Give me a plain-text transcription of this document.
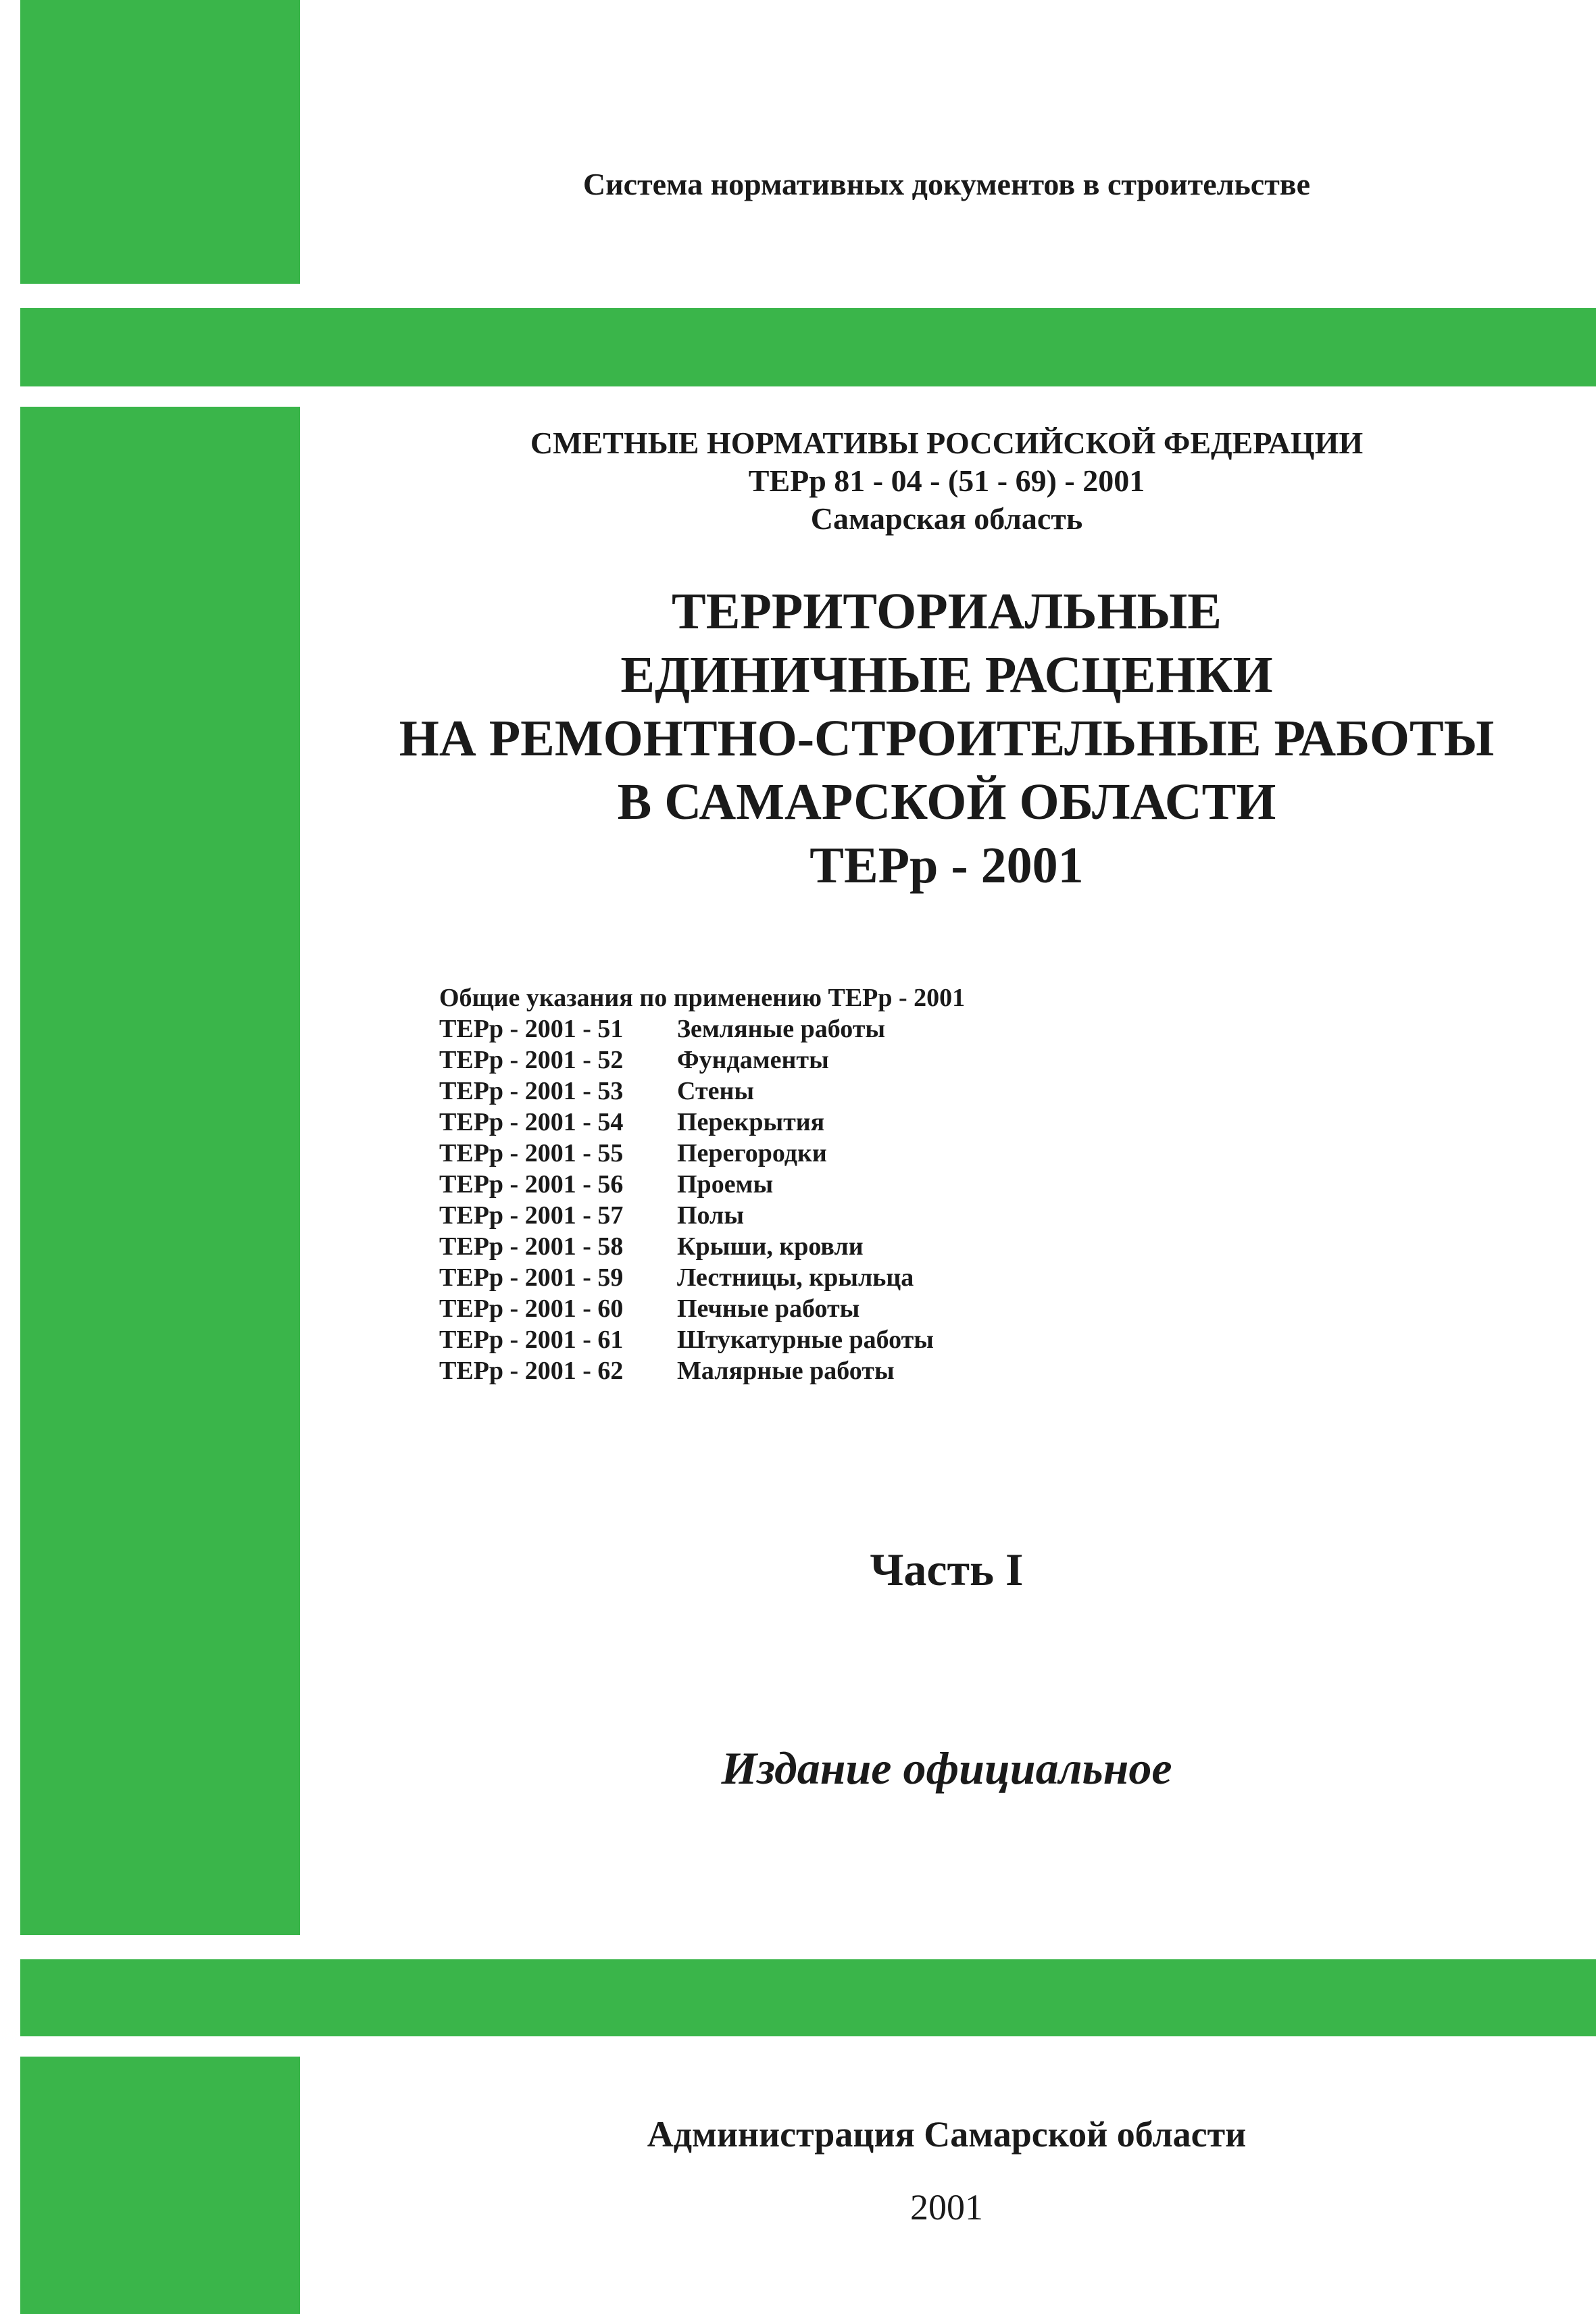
Система нормативных документов в строительстве
СМЕТНЫЕ НОРМАТИВЫ РОССИЙСКОЙ ФЕДЕРАЦИИ
ТЕРр 81 - 04 - (51 - 69) - 2001
Самарская область
ТЕРРИТОРИАЛЬНЫЕ
ЕДИНИЧНЫЕ РАСЦЕНКИ
НА РЕМОНТНО-СТРОИТЕЛЬНЫЕ РАБОТЫ
В САМАРСКОЙ ОБЛАСТИ
ТЕРр - 2001
Общие указания по применению ТЕРр - 2001
ТЕРр - 2001 - 51 Земляные работы
ТЕРр - 2001 - 52 Фундаменты
ТЕРр - 2001 - 53 Стены
ТЕРр - 2001 - 54 Перекрытия
ТЕРр - 2001 - 55 Перегородки
ТЕРр - 2001 - 56 Проемы
ТЕРр - 2001 - 57 Полы
ТЕРр - 2001 - 58 Крыши, кровли
ТЕРр - 2001 - 59 Лестницы, крыльца
ТЕРр - 2001 - 60 Печные работы
ТЕРр - 2001 - 61 Штукатурные работы
ТЕРр - 2001 - 62 Малярные работы
Часть I
Издание официальное
Администрация Самарской области
2001
